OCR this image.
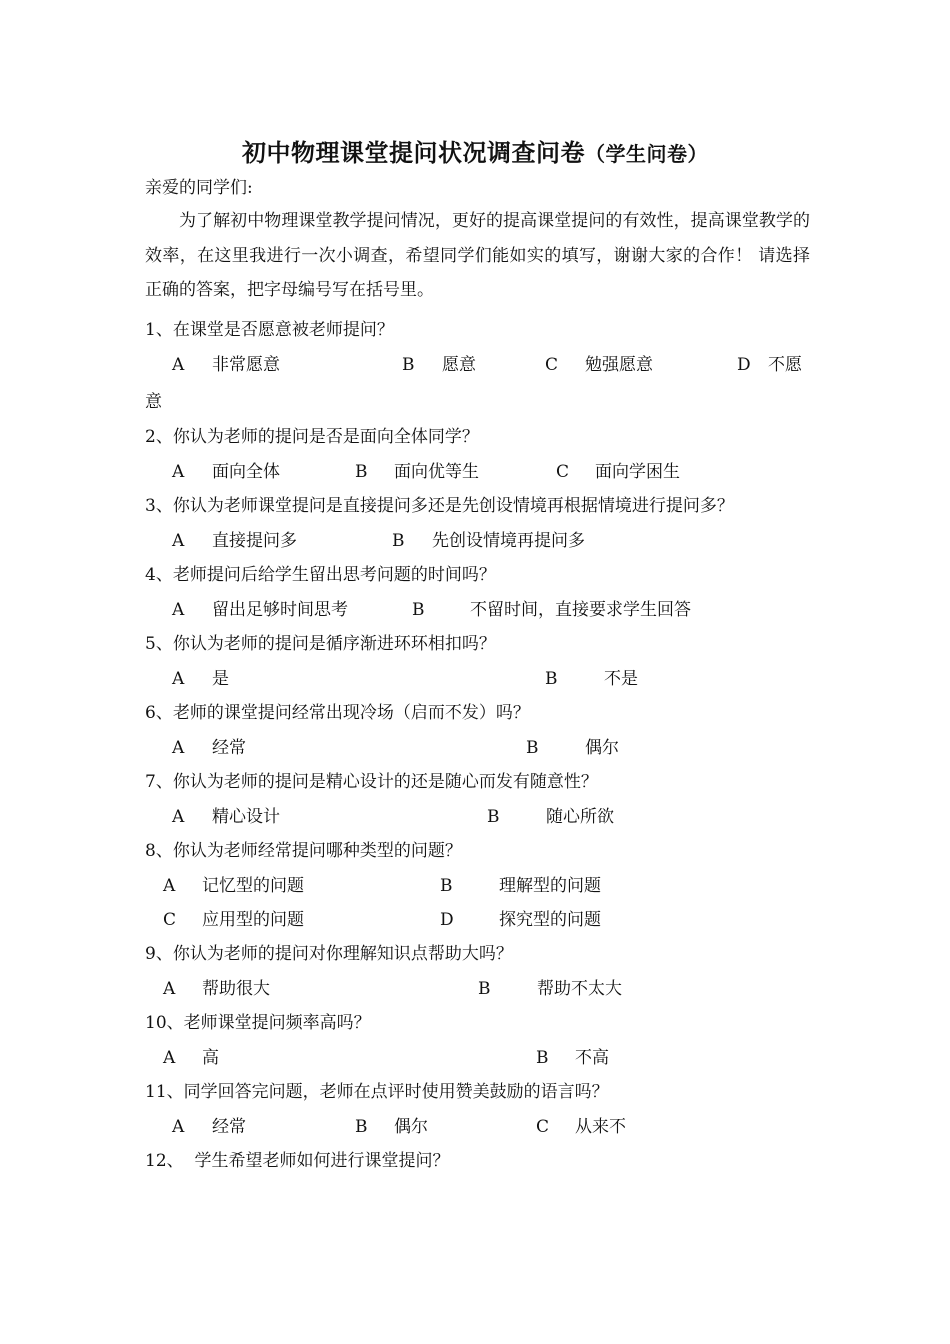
初中物理课堂提问状况调查问卷（学生问卷）
亲爱的同学们:
为了解初中物理课堂教学提问情况，更好的提高课堂提问的有效性，提高课堂教学的效率，在这里我进行一次小调查，希望同学们能如实的填写，谢谢大家的合作！ 请选择正确的答案，把字母编号写在括号里。
1、在课堂是否愿意被老师提问？
A 非常愿意	B 愿意	C 勉强愿意	D 不愿
意
2、你认为老师的提问是否是面向全体同学？
A 面向全体	B 面向优等生	C 面向学困生
3、你认为老师课堂提问是直接提问多还是先创设情境再根据情境进行提问多？
A 直接提问多	B 先创设情境再提问多
4、老师提问后给学生留出思考问题的时间吗？
A 留出足够时间思考	B	不留时间，直接要求学生回答
5、你认为老师的提问是循序渐进环环相扣吗？
A 是	B	不是
6、老师的课堂提问经常出现冷场（启而不发）吗？
A 经常	B	偶尔
7、你认为老师的提问是精心设计的还是随心而发有随意性？
A 精心设计	B	随心所欲
8、你认为老师经常提问哪种类型的问题？
A 记忆型的问题	B	理解型的问题
C 应用型的问题	D	探究型的问题
9、你认为老师的提问对你理解知识点帮助大吗？
A 帮助很大	B	帮助不太大
10、老师课堂提问频率高吗？
A 高	B 不高
11、同学回答完问题，老师在点评时使用赞美鼓励的语言吗？
A 经常	B 偶尔	C 从来不
12、  学生希望老师如何进行课堂提问？
